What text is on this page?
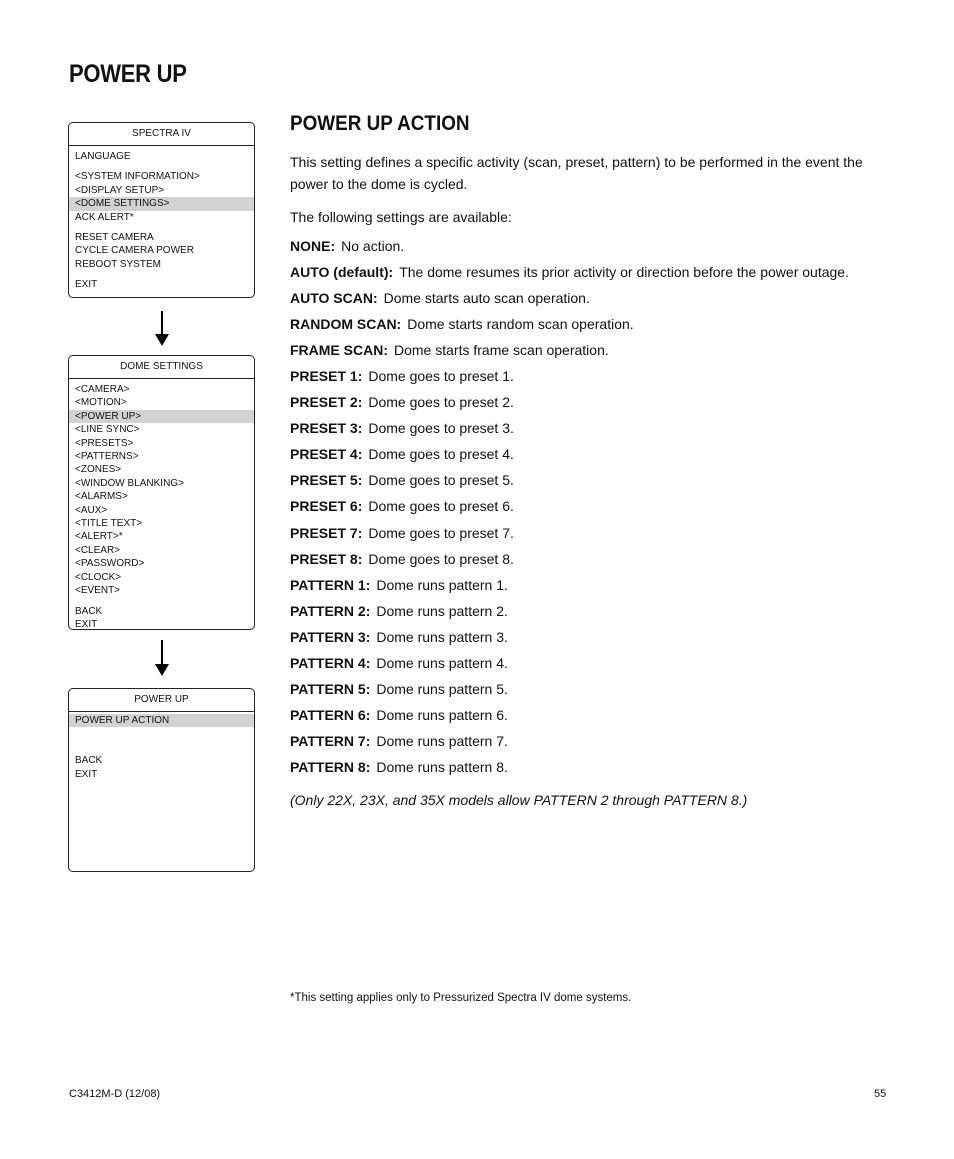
POWER UP
SPECTRA IV
LANGUAGE
<SYSTEM INFORMATION>
<DISPLAY SETUP>
<DOME SETTINGS>
ACK ALERT*
RESET CAMERA
CYCLE CAMERA POWER
REBOOT SYSTEM
EXIT
DOME SETTINGS
<CAMERA>
<MOTION>
<POWER UP>
<LINE SYNC>
<PRESETS>
<PATTERNS>
<ZONES>
<WINDOW BLANKING>
<ALARMS>
<AUX>
<TITLE TEXT>
<ALERT>*
<CLEAR>
<PASSWORD>
<CLOCK>
<EVENT>
BACK
EXIT
POWER UP
POWER UP ACTION
BACK
EXIT
POWER UP ACTION

This setting defines a specific activity (scan, preset, pattern) to be performed in the event the power to the dome is cycled.

The following settings are available:

NONE: No action.
AUTO (default): The dome resumes its prior activity or direction before the power outage.
AUTO SCAN: Dome starts auto scan operation.
RANDOM SCAN: Dome starts random scan operation.
FRAME SCAN: Dome starts frame scan operation.
PRESET 1: Dome goes to preset 1.
PRESET 2: Dome goes to preset 2.
PRESET 3: Dome goes to preset 3.
PRESET 4: Dome goes to preset 4.
PRESET 5: Dome goes to preset 5.
PRESET 6: Dome goes to preset 6.
PRESET 7: Dome goes to preset 7.
PRESET 8: Dome goes to preset 8.
PATTERN 1: Dome runs pattern 1.
PATTERN 2: Dome runs pattern 2.
PATTERN 3: Dome runs pattern 3.
PATTERN 4: Dome runs pattern 4.
PATTERN 5: Dome runs pattern 5.
PATTERN 6: Dome runs pattern 6.
PATTERN 7: Dome runs pattern 7.
PATTERN 8: Dome runs pattern 8.
(Only 22X, 23X, and 35X models allow PATTERN 2 through PATTERN 8.)
*This setting applies only to Pressurized Spectra IV dome systems.
C3412M-D (12/08)	55
